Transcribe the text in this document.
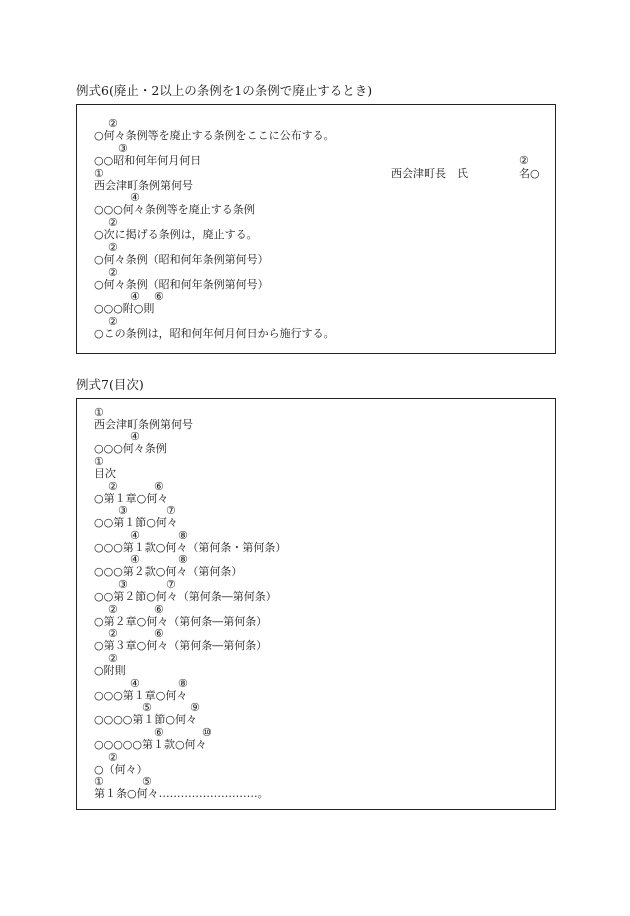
例式6(廃止・2以上の条例を1の条例で廃止するとき)
②
○何々条例等を廃止する条例をここに公布する。
③
○○昭和何年何月何日	②
①	西会津町長　氏	名○
西会津町条例第何号
④
○○○何々条例等を廃止する条例
②
○次に掲げる条例は，廃止する。
②
○何々条例（昭和何年条例第何号）
②
○何々条例（昭和何年条例第何号）
④ ⑥
○○○附○則
②
○この条例は，昭和何年何月何日から施行する。
例式7(目次)
①
西会津町条例第何号
④
○○○何々条例
①
目次
②	⑥
○第１章○何々
③	⑦
○○第１節○何々
④	⑧
○○○第１款○何々（第何条・第何条）
④	⑧
○○○第２款○何々（第何条）
③	⑦
○○第２節○何々（第何条―第何条）
②	⑥
○第２章○何々（第何条―第何条）
②	⑥
○第３章○何々（第何条―第何条）
②
○附則
④	⑧
○○○第１章○何々
⑤	⑨
○○○○第１節○何々
⑥	⑩
○○○○○第１款○何々
②
○（何々）
①	⑤
第１条○何々………………………。
